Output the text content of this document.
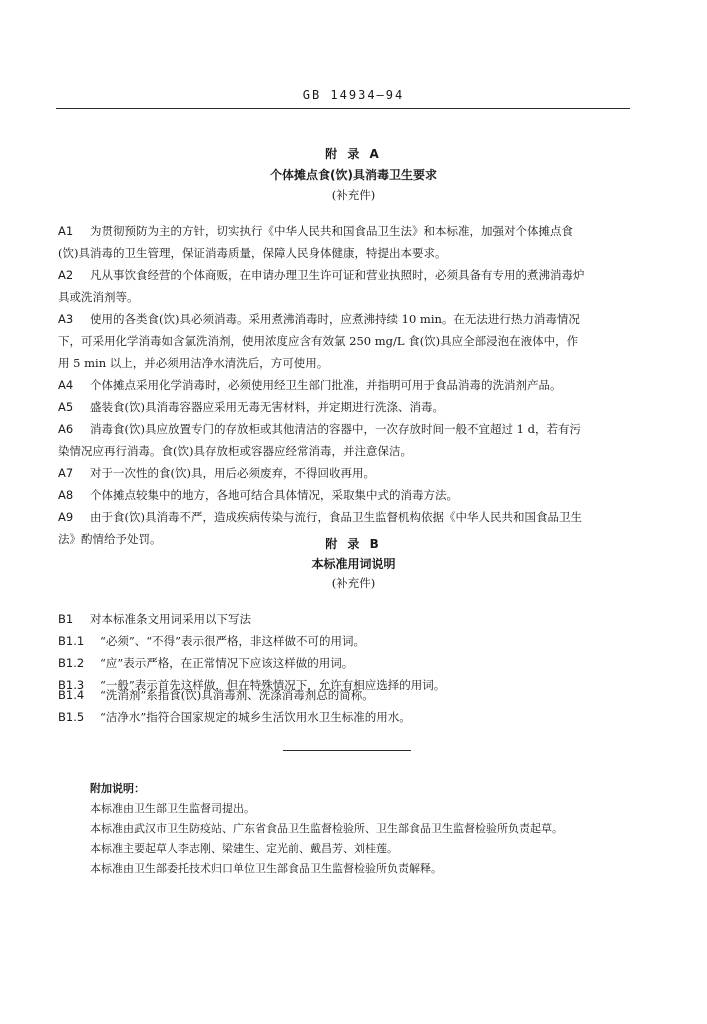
GB 14934—94
附 录 A
个体摊点食(饮)具消毒卫生要求
(补充件)
A1 为贯彻预防为主的方针，切实执行《中华人民共和国食品卫生法》和本标准，加强对个体摊点食
(饮)具消毒的卫生管理，保证消毒质量，保障人民身体健康，特提出本要求。
A2 凡从事饮食经营的个体商贩，在申请办理卫生许可证和营业执照时，必须具备有专用的煮沸消毒炉
具或洗消剂等。
A3 使用的各类食(饮)具必须消毒。采用煮沸消毒时，应煮沸持续 10 min。在无法进行热力消毒情况
下，可采用化学消毒如含氯洗消剂，使用浓度应含有效氯 250 mg/L 食(饮)具应全部浸泡在液体中，作
用 5 min 以上，并必须用洁净水清洗后，方可使用。
A4 个体摊点采用化学消毒时，必须使用经卫生部门批准，并指明可用于食品消毒的洗消剂产品。
A5 盛装食(饮)具消毒容器应采用无毒无害材料，并定期进行洗涤、消毒。
A6 消毒食(饮)具应放置专门的存放柜或其他清洁的容器中，一次存放时间一般不宜超过 1 d，若有污
染情况应再行消毒。食(饮)具存放柜或容器应经常消毒，并注意保洁。
A7 对于一次性的食(饮)具，用后必须废弃，不得回收再用。
A8 个体摊点较集中的地方，各地可结合具体情况，采取集中式的消毒方法。
A9 由于食(饮)具消毒不严，造成疾病传染与流行，食品卫生监督机构依据《中华人民共和国食品卫生
法》酌情给予处罚。	附 录 B
本标准用词说明
(补充件)
B1 对本标准条文用词采用以下写法
B1.1 “必须”、“不得”表示很严格，非这样做不可的用词。
B1.2 “应”表示严格，在正常情况下应该这样做的用词。
B1.3 “一般”表示首先这样做，但在特殊情况下，允许有相应选择的用词。
B1.4 “洗消剂”系指食(饮)具消毒剂、洗涤消毒剂总的简称。
B1.5 “洁净水”指符合国家规定的城乡生活饮用水卫生标准的用水。
附加说明：
本标准由卫生部卫生监督司提出。
本标准由武汉市卫生防疫站、广东省食品卫生监督检验所、卫生部食品卫生监督检验所负责起草。
本标准主要起草人李志刚、梁建生、定光前、戴昌芳、刘桂莲。
本标准由卫生部委托技术归口单位卫生部食品卫生监督检验所负责解释。
